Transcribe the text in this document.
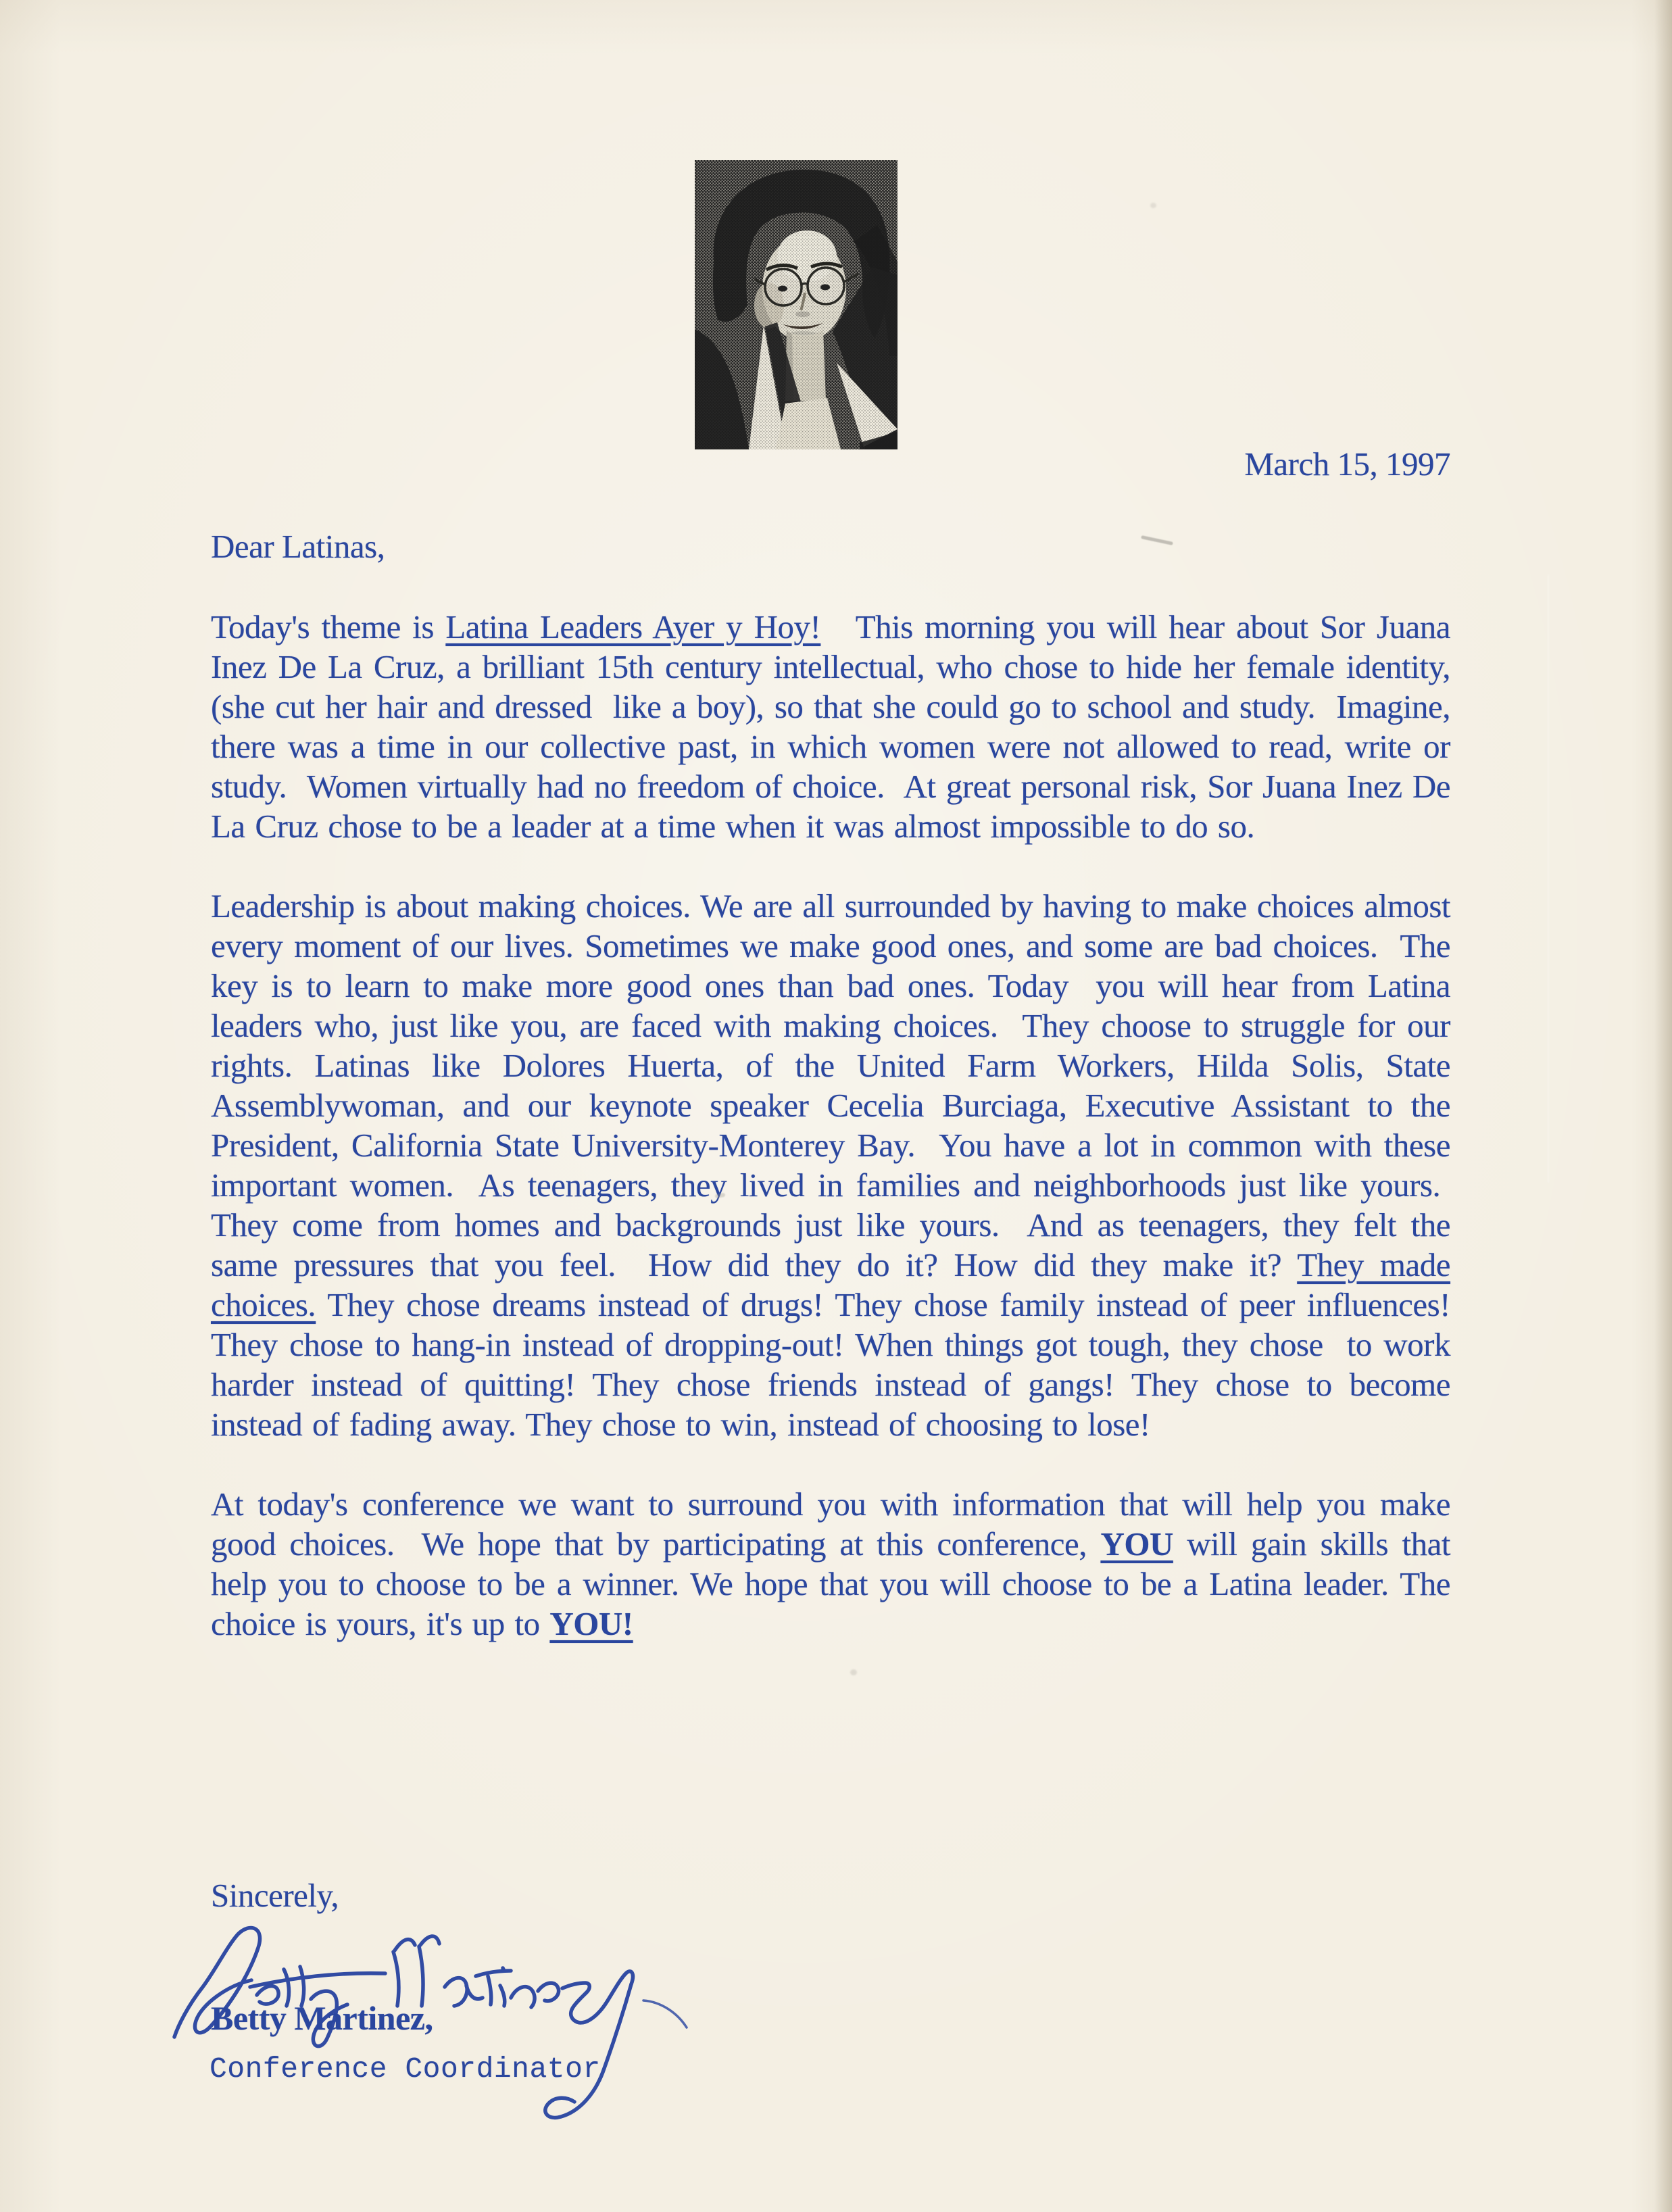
March 15, 1997
Dear Latinas,

Today's theme is Latina Leaders Ayer y Hoy!   This morning you will hear about Sor Juana Inez De La Cruz, a brilliant 15th century intellectual, who chose to hide her female identity, (she cut her hair and dressed  like a boy), so that she could go to school and study.  Imagine, there was a time in our collective past, in which women were not allowed to read, write or study.  Women virtually had no freedom of choice.  At great personal risk, Sor Juana Inez De La Cruz chose to be a leader at a time when it was almost impossible to do so.

Leadership is about making choices. We are all surrounded by having to make choices almost every moment of our lives. Sometimes we make good ones, and some are bad choices.  The key is to learn to make more good ones than bad ones. Today  you will hear from Latina leaders who, just like you, are faced with making choices.  They choose to struggle for our rights. Latinas like Dolores Huerta, of the United Farm Workers, Hilda Solis, State Assemblywoman, and our keynote speaker Cecelia Burciaga, Executive Assistant to the President, California State University-Monterey Bay.  You have a lot in common with these important women.  As teenagers, they lived in families and neighborhoods just like yours.  They come from homes and backgrounds just like yours.  And as teenagers, they felt the same pressures that you feel.  How did they do it? How did they make it? They made choices. They chose dreams instead of drugs! They chose family instead of peer influences! They chose to hang-in instead of dropping-out! When things got tough, they chose  to work harder instead of quitting! They chose friends instead of gangs! They chose to become instead of fading away. They chose to win, instead of choosing to lose!

At today's conference we want to surround you with information that will help you make good choices.  We hope that by participating at this conference, YOU will gain skills that help you to choose to be a winner. We hope that you will choose to be a Latina leader. The choice is yours, it's up to YOU!

Sincerely,
Betty Martinez,
Conference Coordinator
